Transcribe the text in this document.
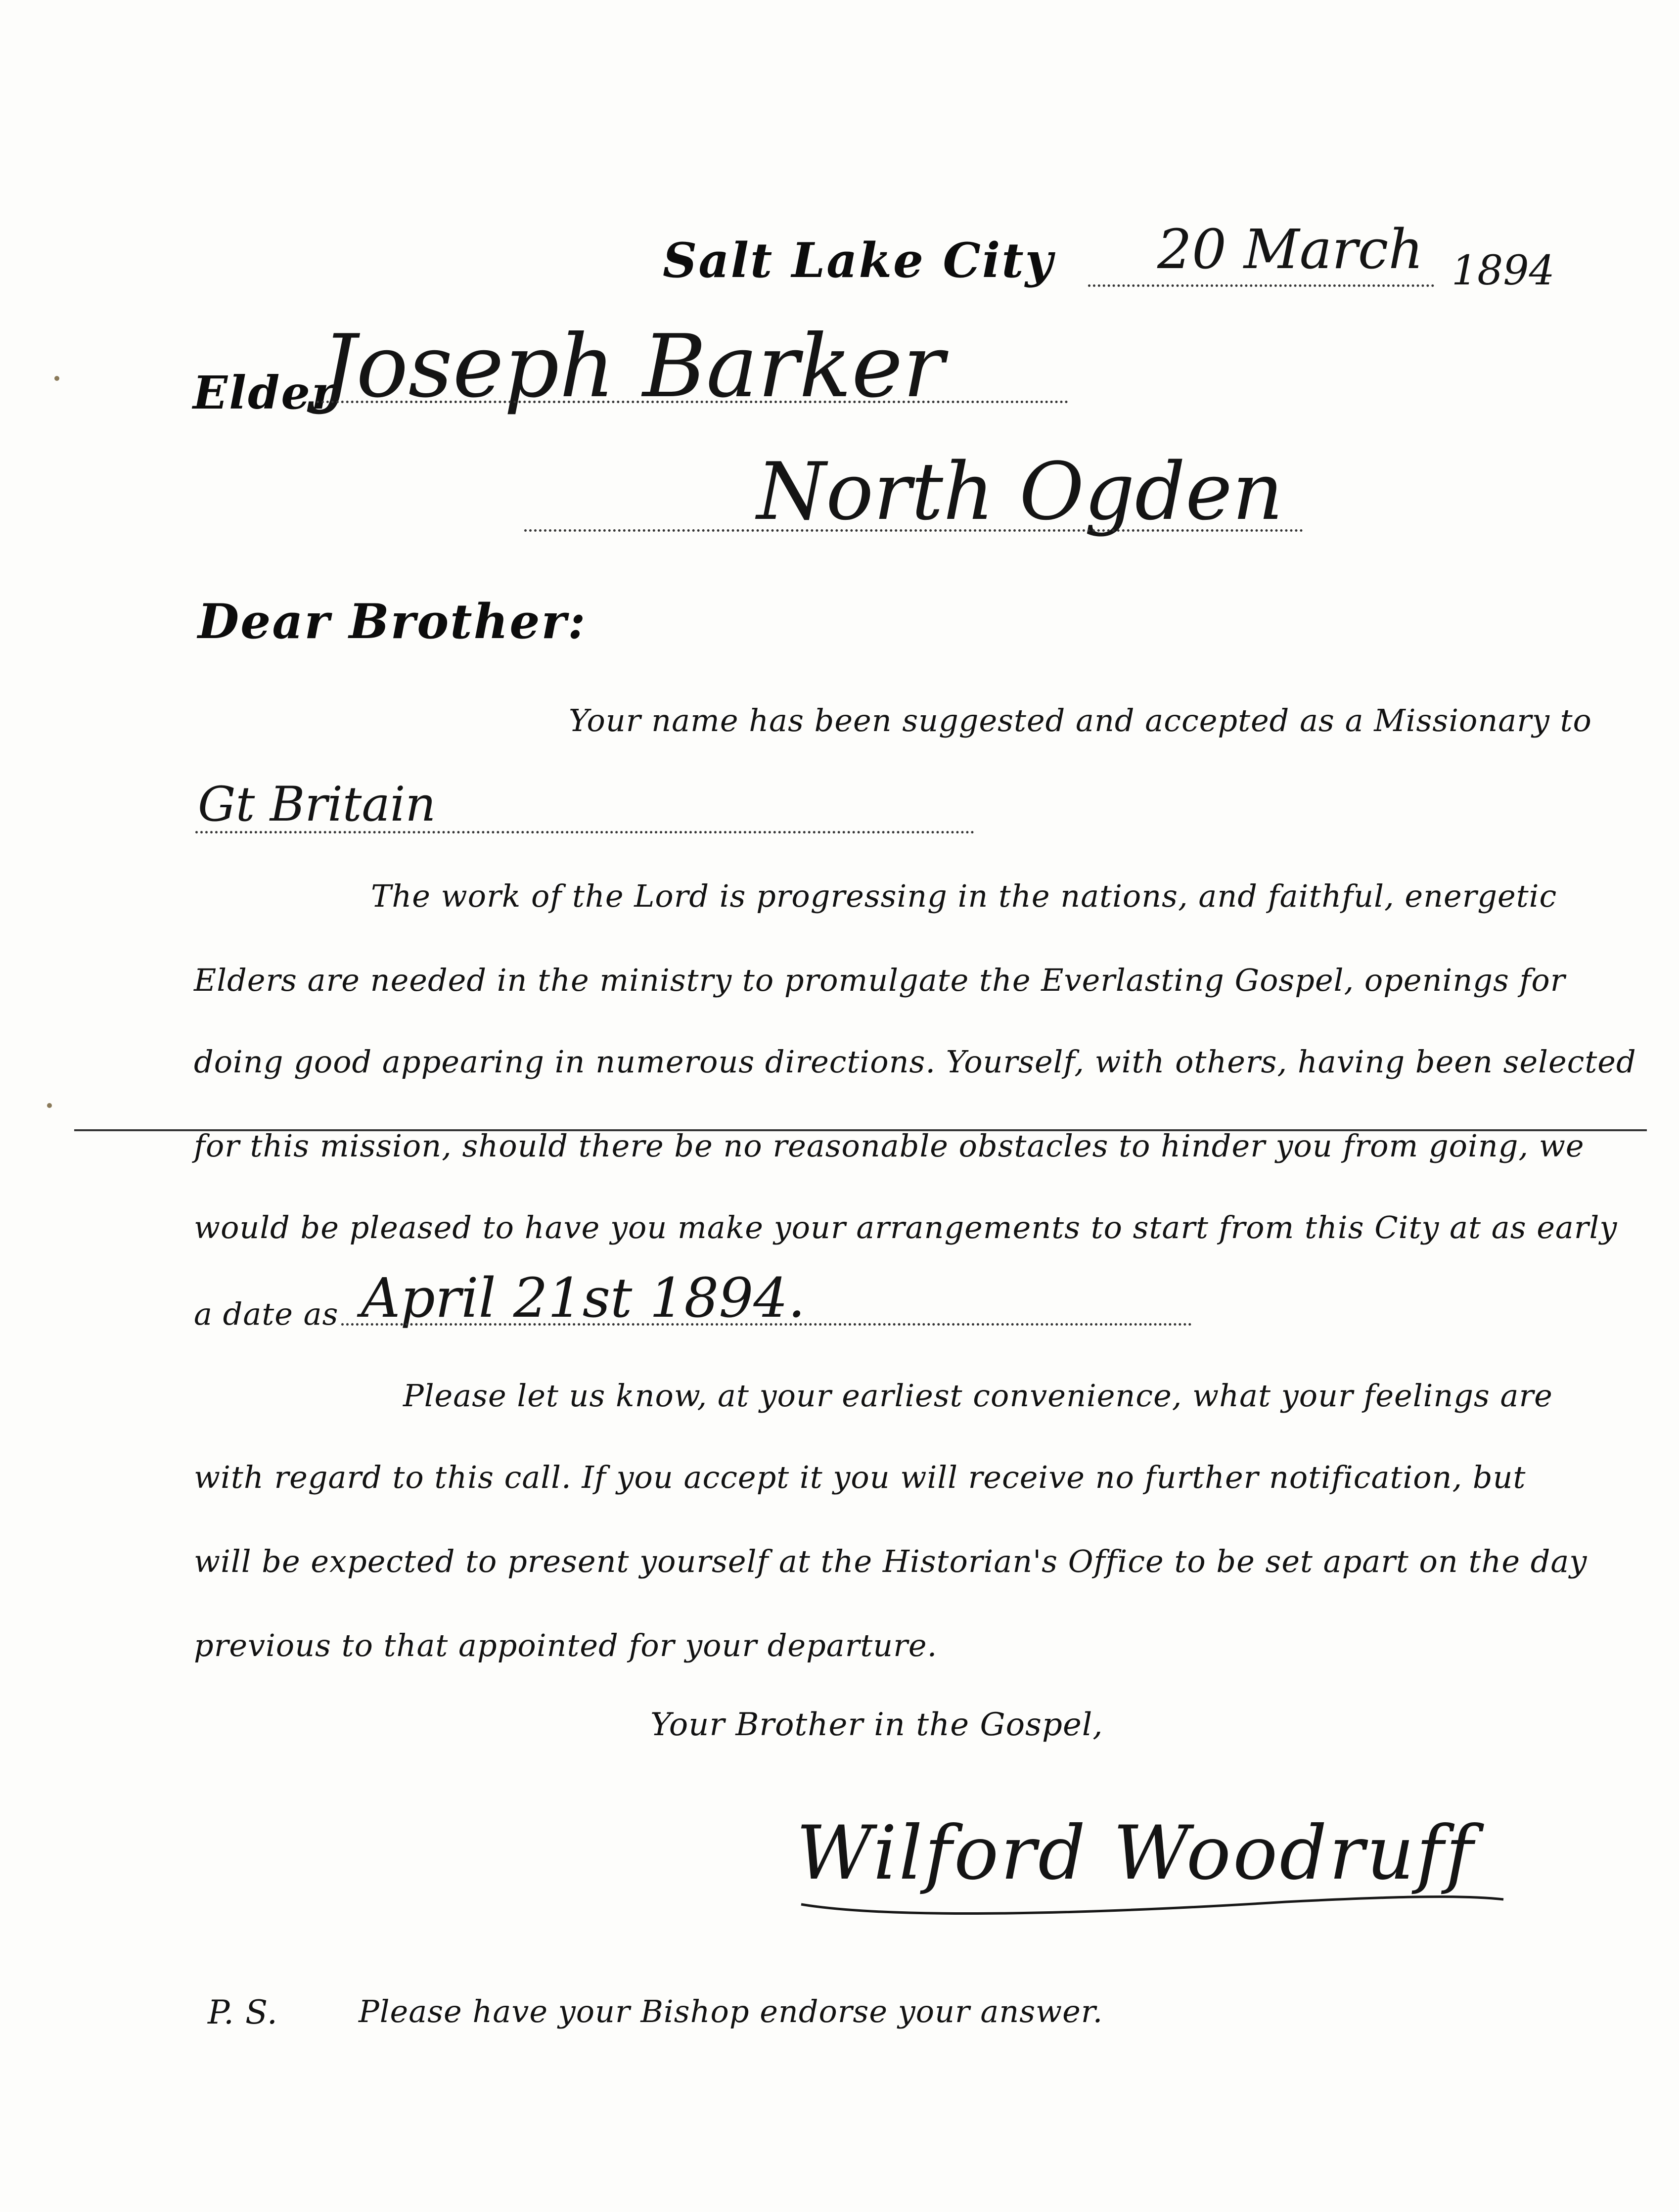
Salt Lake City 20 March 1894
Elder
Joseph Barker
North Ogden
Dear Brother:
Your name has been suggested and accepted as a Missionary to
Gt Britain
The work of the Lord is progressing in the nations, and faithful, energetic
Elders are needed in the ministry to promulgate the Everlasting Gospel, openings for
doing good appearing in numerous directions. Yourself, with others, having been selected
for this mission, should there be no reasonable obstacles to hinder you from going, we
would be pleased to have you make your arrangements to start from this City at as early
a date as April 21st 1894.
Please let us know, at your earliest convenience, what your feelings are
with regard to this call. If you accept it you will receive no further notification, but
will be expected to present yourself at the Historian's Office to be set apart on the day
previous to that appointed for your departure.
Your Brother in the Gospel,
Wilford Woodruff
P. S.	Please have your Bishop endorse your answer.
